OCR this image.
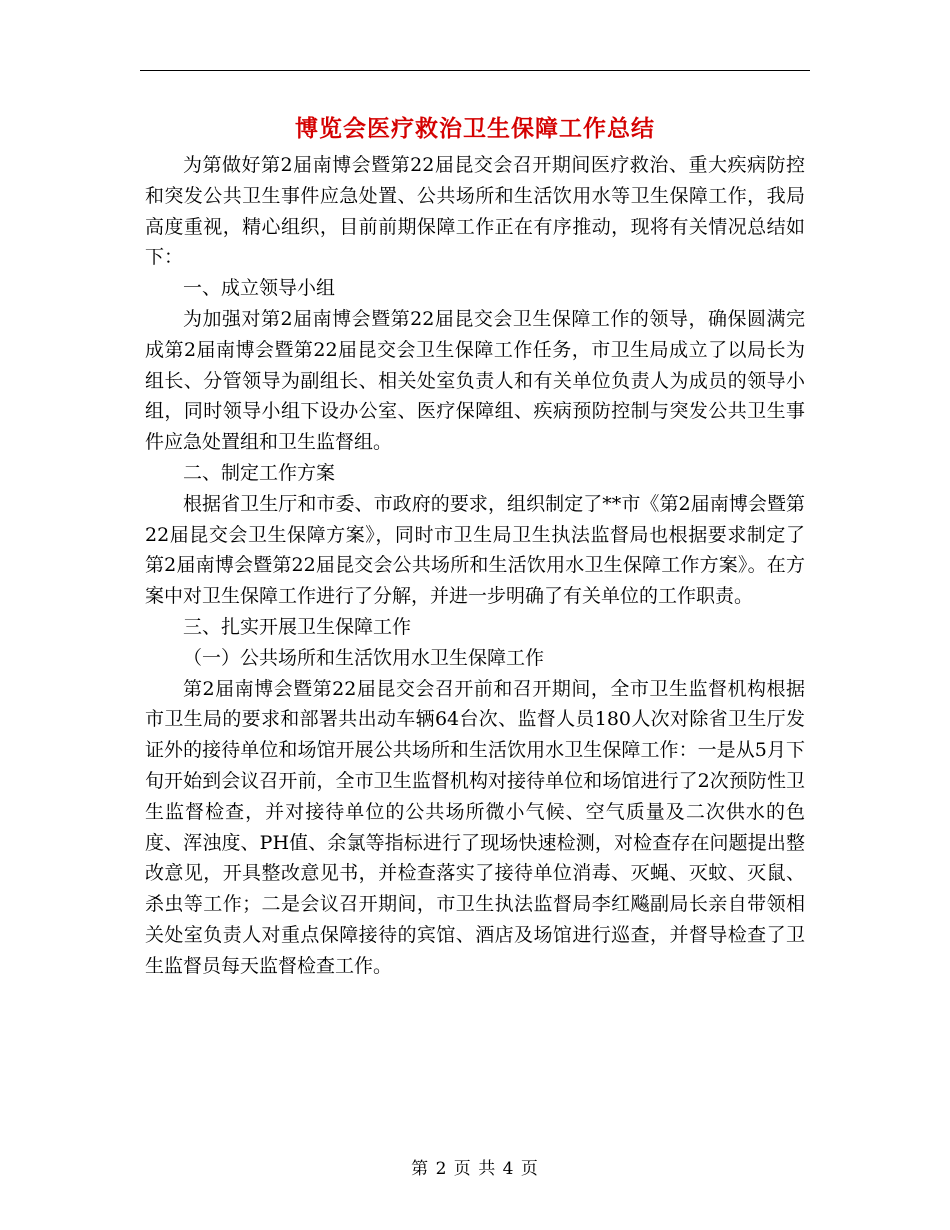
博览会医疗救治卫生保障工作总结

为第做好第2届南博会暨第22届昆交会召开期间医疗救治、重大疾病防控和突发公共卫生事件应急处置、公共场所和生活饮用水等卫生保障工作，我局高度重视，精心组织，目前前期保障工作正在有序推动，现将有关情况总结如下：

一、成立领导小组

为加强对第2届南博会暨第22届昆交会卫生保障工作的领导，确保圆满完成第2届南博会暨第22届昆交会卫生保障工作任务，市卫生局成立了以局长为组长、分管领导为副组长、相关处室负责人和有关单位负责人为成员的领导小组，同时领导小组下设办公室、医疗保障组、疾病预防控制与突发公共卫生事件应急处置组和卫生监督组。

二、制定工作方案

根据省卫生厅和市委、市政府的要求，组织制定了**市《第2届南博会暨第22届昆交会卫生保障方案》，同时市卫生局卫生执法监督局也根据要求制定了第2届南博会暨第22届昆交会公共场所和生活饮用水卫生保障工作方案》。在方案中对卫生保障工作进行了分解，并进一步明确了有关单位的工作职责。

三、扎实开展卫生保障工作

（一）公共场所和生活饮用水卫生保障工作

第2届南博会暨第22届昆交会召开前和召开期间，全市卫生监督机构根据市卫生局的要求和部署共出动车辆64台次、监督人员180人次对除省卫生厅发证外的接待单位和场馆开展公共场所和生活饮用水卫生保障工作：一是从5月下旬开始到会议召开前，全市卫生监督机构对接待单位和场馆进行了2次预防性卫生监督检查，并对接待单位的公共场所微小气候、空气质量及二次供水的色度、浑浊度、PH值、余氯等指标进行了现场快速检测，对检查存在问题提出整改意见，开具整改意见书，并检查落实了接待单位消毒、灭蝇、灭蚊、灭鼠、杀虫等工作；二是会议召开期间，市卫生执法监督局李红飚副局长亲自带领相关处室负责人对重点保障接待的宾馆、酒店及场馆进行巡查，并督导检查了卫生监督员每天监督检查工作。

第 2 页 共 4 页
